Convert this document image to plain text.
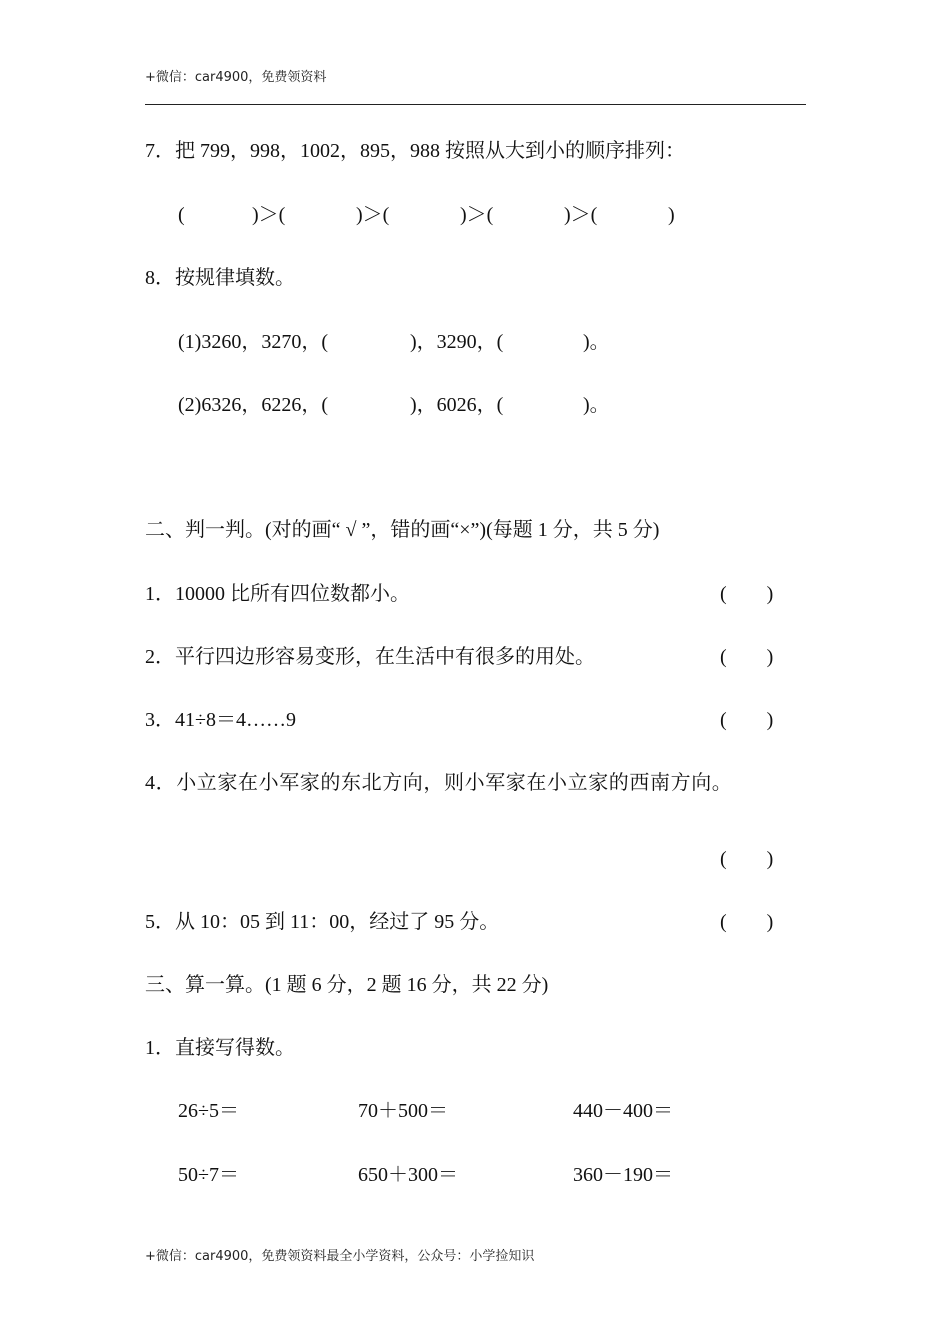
+微信：car4900，免费领资料
7．把 799，998，1002，895，988 按照从大到小的顺序排列：
(	)＞(	)＞(	)＞(	)＞(	)
8．按规律填数。
(1)3260，3270，(	)，3290，(	)。
(2)6326，6226，(	)，6026，(	)。
二、判一判。(对的画“ √ ”，错的画“×”)(每题 1 分，共 5 分)
1．10000 比所有四位数都小。	(　　)
2．平行四边形容易变形，在生活中有很多的用处。	(　　)
3．41÷8＝4……9	(　　)
4．小立家在小军家的东北方向，则小军家在小立家的西南方向。
(　　)
5．从 10：05 到 11：00，经过了 95 分。	(　　)
三、算一算。(1 题 6 分，2 题 16 分，共 22 分)
1．直接写得数。
26÷5＝	70＋500＝	440－400＝
50÷7＝	650＋300＝	360－190＝
+微信：car4900，免费领资料最全小学资料，公众号：小学捡知识
